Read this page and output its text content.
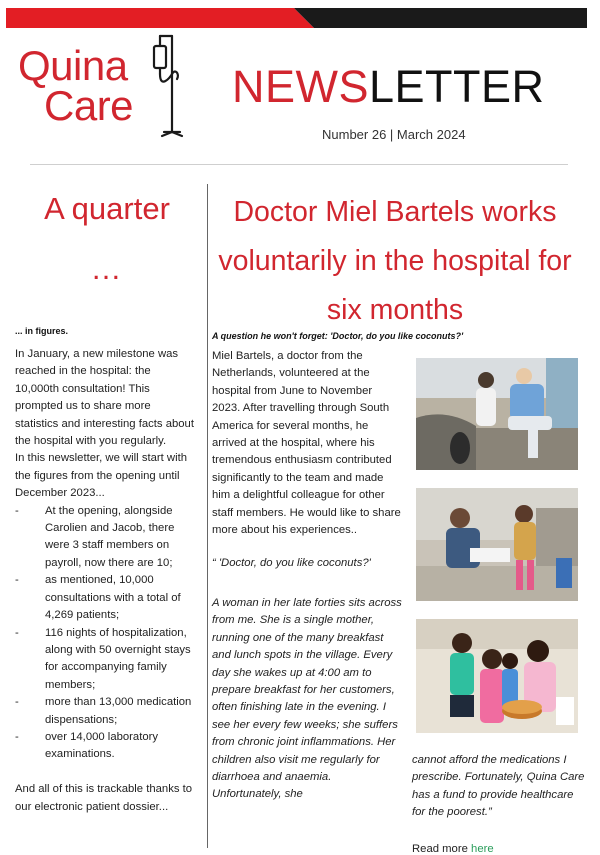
Quina
Care NEWSLETTER
Number 26 | March 2024
A quarter
…
... in figures.

In January, a new milestone was reached in the hospital: the 10,000th consultation! This prompted us to share more statistics and interesting facts about the hospital with you regularly.

In this newsletter, we will start with the figures from the opening until December 2023...

-	At the opening, alongside Carolien and Jacob, there were 3 staff members on payroll, now there are 10;
-	as mentioned, 10,000 consultations with a total of 4,269 patients;
-	116 nights of hospitalization, along with 50 overnight stays for accompanying family members;
-	more than 13,000 medication dispensations;
-	over 14,000 laboratory examinations.

And all of this is trackable thanks to our electronic patient dossier...

Doctor Miel Bartels works voluntarily in the hospital for six months
A question he won't forget: 'Doctor, do you like coconuts?'

Miel Bartels, a doctor from the Netherlands, volunteered at the hospital from June to November 2023. After travelling through South America for several months, he arrived at the hospital, where his tremendous enthusiasm contributed significantly to the team and made him a delightful colleague for other staff members. He would like to share more about his experiences..

“ 'Doctor, do you like coconuts?'

A woman in her late forties sits across from me. She is a single mother, running one of the many breakfast and lunch spots in the village. Every day she wakes up at 4:00 am to prepare breakfast for her customers, often finishing late in the evening. I see her every few weeks; she suffers from chronic joint inflammations. Her children also visit me regularly for diarrhoea and anaemia. Unfortunately, she

cannot afford the medications I prescribe. Fortunately, Quina Care has a fund to provide healthcare for the poorest.”
Read more here
